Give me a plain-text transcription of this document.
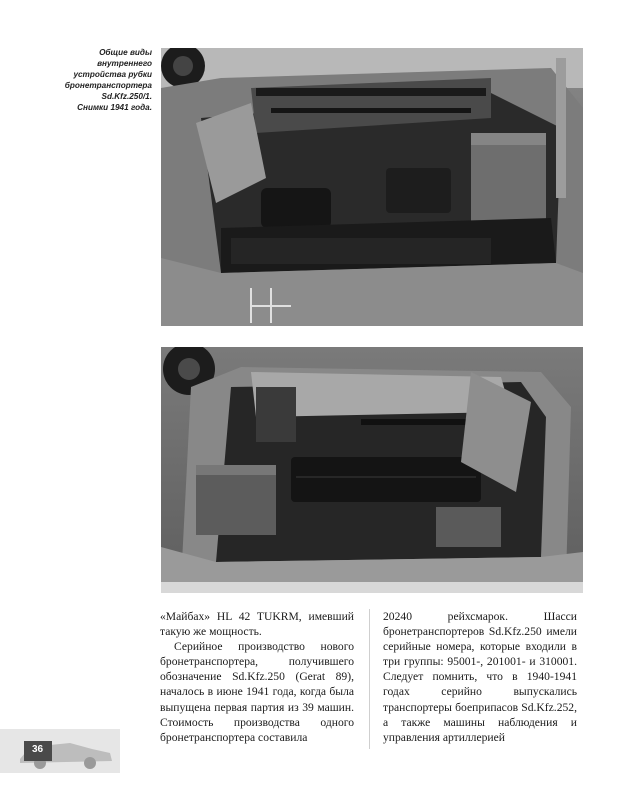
Общие виды
внутреннего
устройства рубки
бронетранспортера
Sd.Kfz.250/1.
Снимки 1941 года.

«Майбах» HL 42 TUKRM, имевший такую же мощность.

Серийное производство нового бронетранспортера, получившего обозначение Sd.Kfz.250 (Gerat 89), началось в июне 1941 года, когда была выпущена первая партия из 39 машин. Стоимость производства одного бронетранспортера составила

20240 рейхсмарок. Шасси бронетранспортеров Sd.Kfz.250 имели серийные номера, которые входили в три группы: 95001-, 201001- и 310001. Следует помнить, что в 1940-1941 годах серийно выпускались транспортеры боеприпасов Sd.Kfz.252, а также машины наблюдения и управления артиллерией

36
